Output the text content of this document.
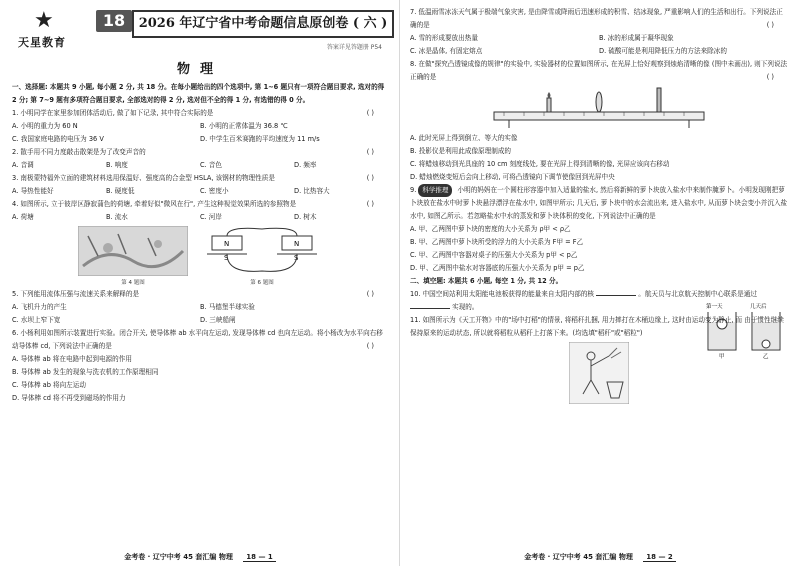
★
天星教育
18	2026 年辽宁省中考命题信息原创卷 ( 六 )
答案详见答题册 P54
物理
一、选择题: 本题共 9 小题, 每小题 2 分, 共 18 分。在每小题给出的四个选项中, 第 1~6 题只有一项符合题目要求, 选对的得 2 分; 第 7~9 题有多项符合题目要求, 全部选对的得 2 分, 选对但不全的得 1 分, 有选错的得 0 分。
1. 小明同学在家里参加团体活动后, 做了如下记录, 其中符合实际的是	( )
A. 小明的重力为 60 N	B. 小明的正常体温为 36.8 ℃
C. 我国家庭电路的电压为 36 V	D. 中学生百米赛跑的平均速度为 11 m/s
2. 散手用不同力度敲击散架是为了改变声音的	( )
A. 音调	B. 响度	C. 音色	D. 频率
3. 南极蒙特福外立面的建筑材料选用保温好、强度高的合金型 HSLA, 该钢材的物理性质是	( )
A. 导热性能好	B. 硬度低	C. 密度小	D. 比热容大
4. 如图所示, 立于彼岸区静寂蒲色的荷塘, 牵着好似"微风在行", 产生这种视觉效果所选的参照物是	( )
A. 荷塘	B. 流水	C. 河岸	D. 树木
第 4 题图
N	N
S	S
第 6 题图
5. 下列能用流体压强与流速关系来解释的是	( )
A. 飞机升力的产生	B. 马德堡半球实验
C. 水坝上窄下宽	D. 三峡船闸
6. 小杨利用如图所示装置进行实验。闭合开关, 使导体棒 ab 水平向左运动, 发现导体棒 cd 也向左运动。将小杨改为水平向右移动导体棒 cd, 下列说法中正确的是	( )
A. 导体棒 ab 将在电路中起到电源的作用
B. 导体棒 ab 发生的现象与洗衣机的工作原理相同
C. 导体棒 ab 将向左运动
D. 导体棒 cd 将不再受到磁场的作用力
金考卷 · 辽宁中考 45 套汇编 物理 18 — 1
7. 低温雨雪冰冻天气属于极端气象灾害, 是由降雪或降雨后迅速形成的积雪、结冰现象, 严重影响人们的生活和出行。下列说法正确的是	( )
A. 雪的形成要放出热量	B. 冰的形成属于凝华现象
C. 冰是晶体, 有固定熔点	D. 硫酸可能是利用降低压力的方法来除冰的
8. 在做"探究凸透镜成像的规律"的实验中, 实验器材的位置如图所示, 在光屏上恰好观察到烛焰清晰的像 (图中未画出), 则下列说法正确的是	( )
A. 此时光屏上得到倒立、等大的实像
B. 投影仪是利用此成像原理制成的
C. 将蜡烛移动到光具座的 10 cm 刻度线处, 要在光屏上得到清晰的像, 光屏应该向右移动
D. 蜡烛燃烧变短后会向上移动, 可将凸透镜向下调节使像回到光屏中央
9. 科学推理 小明的妈妈在一个圆柱形容器中加入适量的盐水, 然后将新鲜的萝卜块放入盐水中来制作腌萝卜。小明发现刚把萝卜块放在盐水中时萝卜块悬浮漂浮在盐水中, 如图甲所示; 几天后, 萝卜块中的水会流出来, 进入盐水中, 从而萝卜块会变小并沉入盐水中, 如图乙所示。若忽略盐水中水的蒸发和萝卜块体积的变化, 下列说法中正确的是
A. 甲、乙两图中萝卜块的密度的大小关系为 ρ甲 < ρ乙
B. 甲、乙两图中萝卜块所受的浮力的大小关系为 F甲 = F乙
C. 甲、乙两图中容器对桌子的压强大小关系为 p甲 < p乙
D. 甲、乙两图中盐水对容器底的压强大小关系为 p甲 = p乙
第一天	几天后
甲	乙
二、填空题: 本题共 6 小题, 每空 1 分, 共 12 分。
10. 中国空间站利用太阳能电池板获得的能量来自太阳内部的核	。航天员与北京航天控制中心联系是通过  实现的。
11. 如图所示为《天工开物》中的"场中打稻"的情景, 将稻秆扎捆, 用力摔打在木桶边缘上, 这时由运动变为静止, 而 由于惯性继续保持原来的运动状态, 所以就将稻粒从稻秆上打落下来。(均选填"稻秆"或"稻粒")
金考卷 · 辽宁中考 45 套汇编 物理 18 — 2
